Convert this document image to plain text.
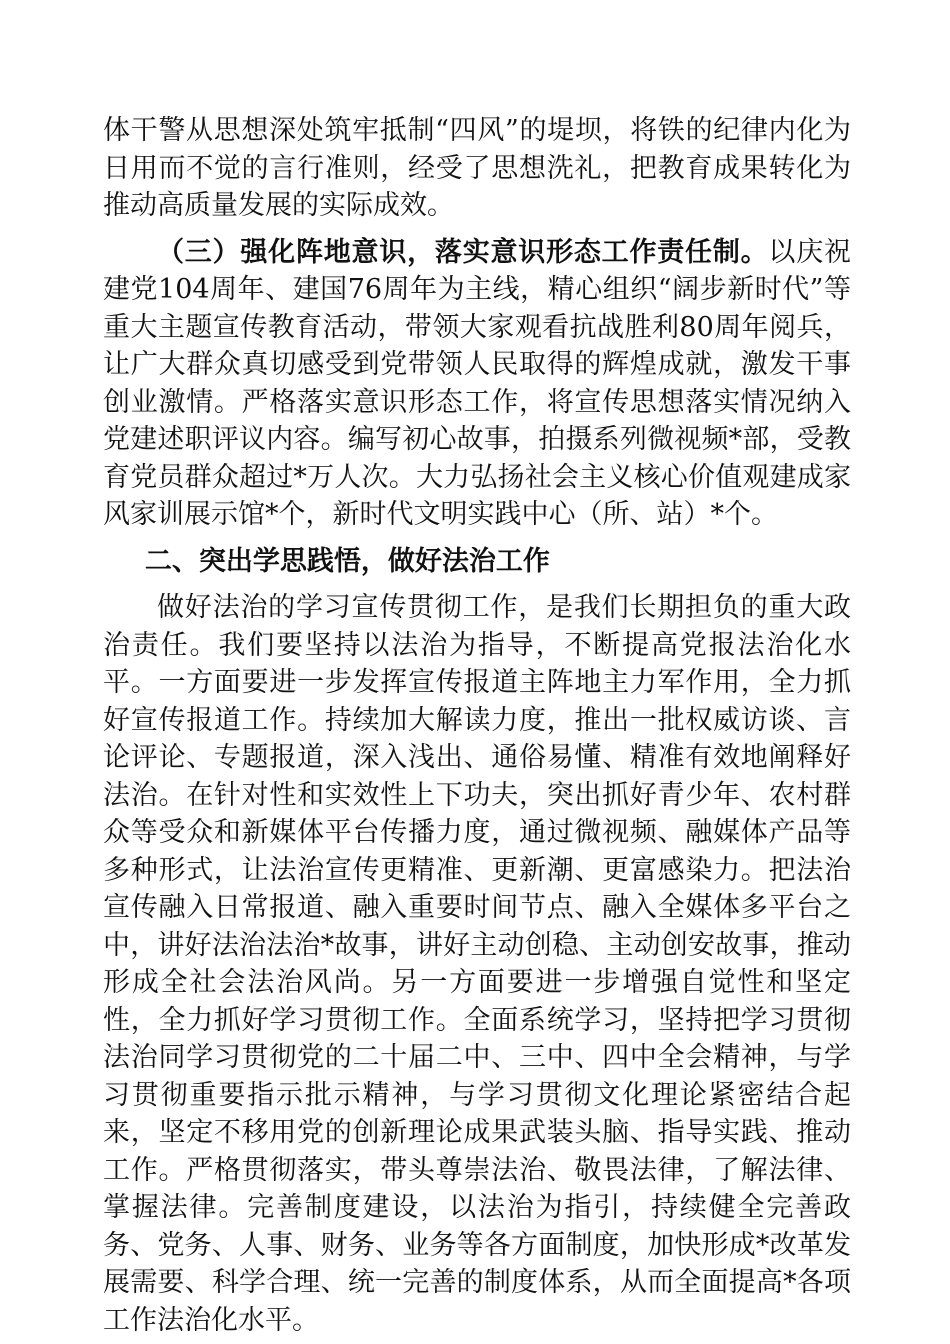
体干警从思想深处筑牢抵制“四风”的堤坝，将铁的纪律内化为日用而不觉的言行准则，经受了思想洗礼，把教育成果转化为推动高质量发展的实际成效。

（三）强化阵地意识，落实意识形态工作责任制。以庆祝建党104周年、建国76周年为主线，精心组织“阔步新时代”等重大主题宣传教育活动，带领大家观看抗战胜利80周年阅兵，让广大群众真切感受到党带领人民取得的辉煌成就，激发干事创业激情。严格落实意识形态工作，将宣传思想落实情况纳入党建述职评议内容。编写初心故事，拍摄系列微视频*部，受教育党员群众超过*万人次。大力弘扬社会主义核心价值观建成家风家训展示馆*个，新时代文明实践中心（所、站）*个。

二、突出学思践悟，做好法治工作

做好法治的学习宣传贯彻工作，是我们长期担负的重大政治责任。我们要坚持以法治为指导，不断提高党报法治化水平。一方面要进一步发挥宣传报道主阵地主力军作用，全力抓好宣传报道工作。持续加大解读力度，推出一批权威访谈、言论评论、专题报道，深入浅出、通俗易懂、精准有效地阐释好法治。在针对性和实效性上下功夫，突出抓好青少年、农村群众等受众和新媒体平台传播力度，通过微视频、融媒体产品等多种形式，让法治宣传更精准、更新潮、更富感染力。把法治宣传融入日常报道、融入重要时间节点、融入全媒体多平台之中，讲好法治法治*故事，讲好主动创稳、主动创安故事，推动形成全社会法治风尚。另一方面要进一步增强自觉性和坚定性，全力抓好学习贯彻工作。全面系统学习，坚持把学习贯彻法治同学习贯彻党的二十届二中、三中、四中全会精神，与学习贯彻重要指示批示精神，与学习贯彻文化理论紧密结合起来，坚定不移用党的创新理论成果武装头脑、指导实践、推动工作。严格贯彻落实，带头尊崇法治、敬畏法律，了解法律、掌握法律。完善制度建设，以法治为指引，持续健全完善政务、党务、人事、财务、业务等各方面制度，加快形成*改革发展需要、科学合理、统一完善的制度体系，从而全面提高*各项工作法治化水平。
